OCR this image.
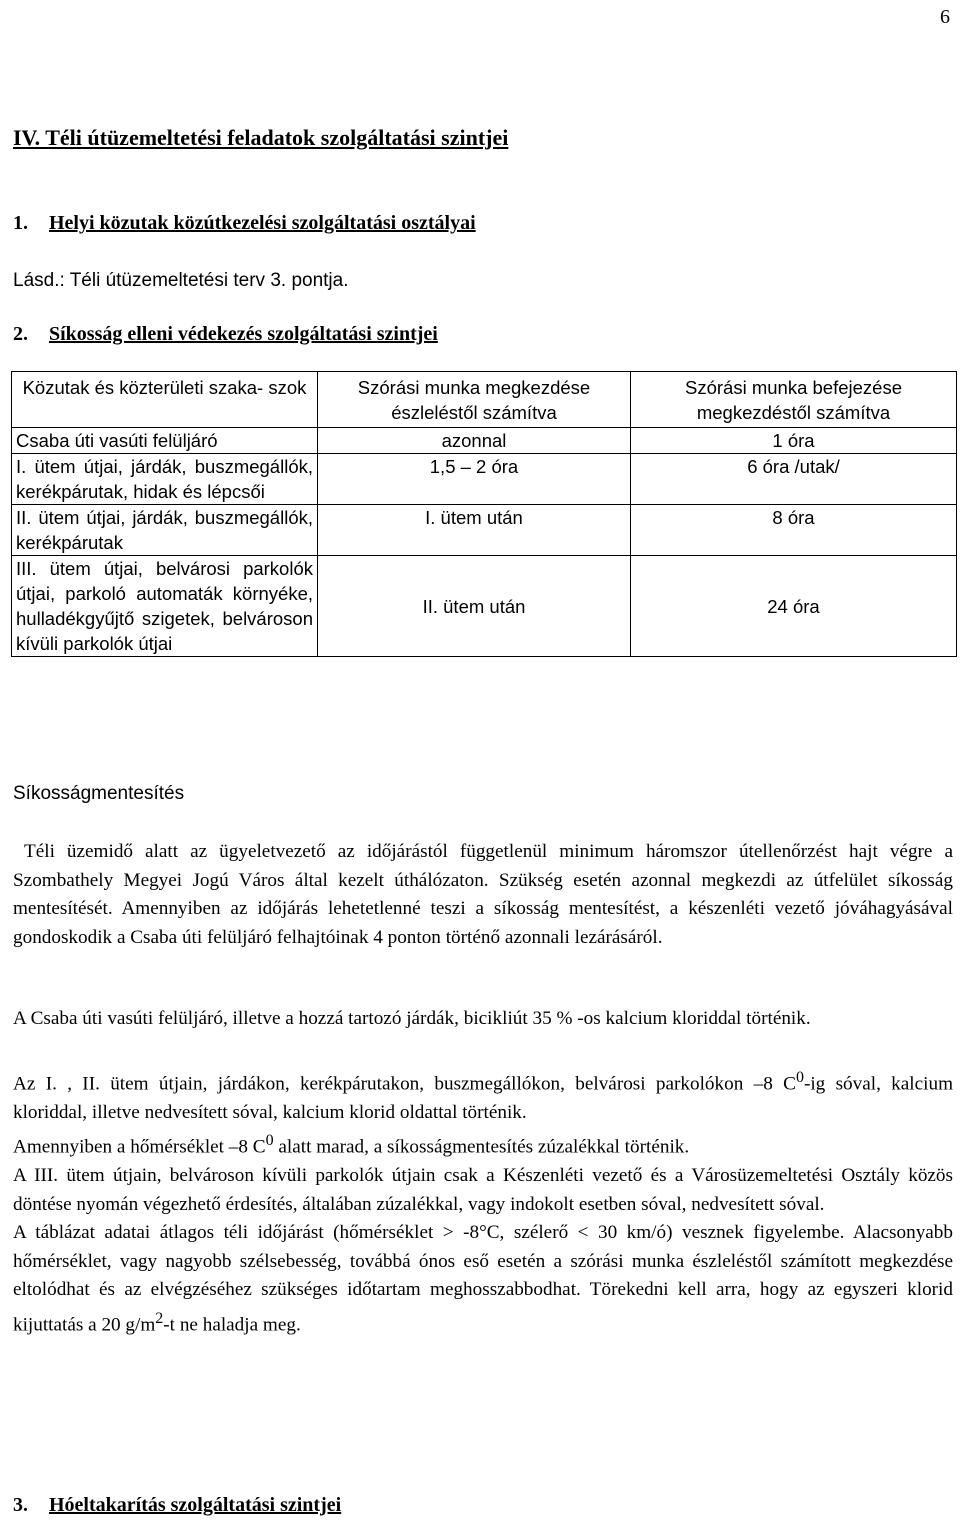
6
IV. Téli útüzemeltetési feladatok szolgáltatási szintjei
1. Helyi közutak közútkezelési szolgáltatási osztályai
Lásd.: Téli útüzemeltetési terv 3. pontja.
2. Síkosság elleni védekezés szolgáltatási szintjei
Közutak és közterületi szaka- szok	Szórási munka megkezdése észleléstől számítva	Szórási munka befejezése megkezdéstől számítva
Csaba úti vasúti felüljáró	azonnal	1 óra
I. ütem útjai, járdák, buszmegállók, kerékpárutak, hidak és lépcsői	1,5 – 2 óra	6 óra /utak/
II. ütem útjai, járdák, buszmegállók, kerékpárutak	I. ütem után	8 óra
III. ütem útjai, belvárosi parkolók útjai, parkoló automaták környéke, hulladékgyűjtő szigetek, belvároson kívüli parkolók útjai	II. ütem után	24 óra
Síkosságmentesítés
Téli üzemidő alatt az ügyeletvezető az időjárástól függetlenül minimum háromszor útellenőrzést hajt végre a Szombathely Megyei Jogú Város által kezelt úthálózaton. Szükség esetén azonnal megkezdi az útfelület síkosság mentesítését. Amennyiben az időjárás lehetetlenné teszi a síkosság mentesítést, a készenléti vezető jóváhagyásával gondoskodik a Csaba úti felüljáró felhajtóinak 4 ponton történő azonnali lezárásáról.
A Csaba úti vasúti felüljáró, illetve a hozzá tartozó járdák, bicikliút 35 % -os kalcium kloriddal történik.
Az I. , II. ütem útjain, járdákon, kerékpárutakon, buszmegállókon, belvárosi parkolókon –8 $C^0-ig$ sóval, kalcium kloriddal, illetve nedvesített sóval, kalcium klorid oldattal történik.
Amennyiben a hőmérséklet –8 $C^0$ alatt marad, a síkosságmentesítés zúzalékkal történik.
A III. ütem útjain, belvároson kívüli parkolók útjain csak a Készenléti vezető és a Városüzemeltetési Osztály közös döntése nyomán végezhető érdesítés, általában zúzalékkal, vagy indokolt esetben sóval, nedvesített sóval.
A táblázat adatai átlagos téli időjárást (hőmérséklet > -8°C, szélerő < 30 km/ó) vesznek figyelembe. Alacsonyabb hőmérséklet, vagy nagyobb szélsebesség, továbbá ónos eső esetén a szórási munka észleléstől számított megkezdése eltolódhat és az elvégzéséhez szükséges időtartam meghosszabbodhat. Törekedni kell arra, hogy az egyszeri klorid kijuttatás a 20 $g/m^2-t$ ne haladja meg.
3. Hóeltakarítás szolgáltatási szintjei
